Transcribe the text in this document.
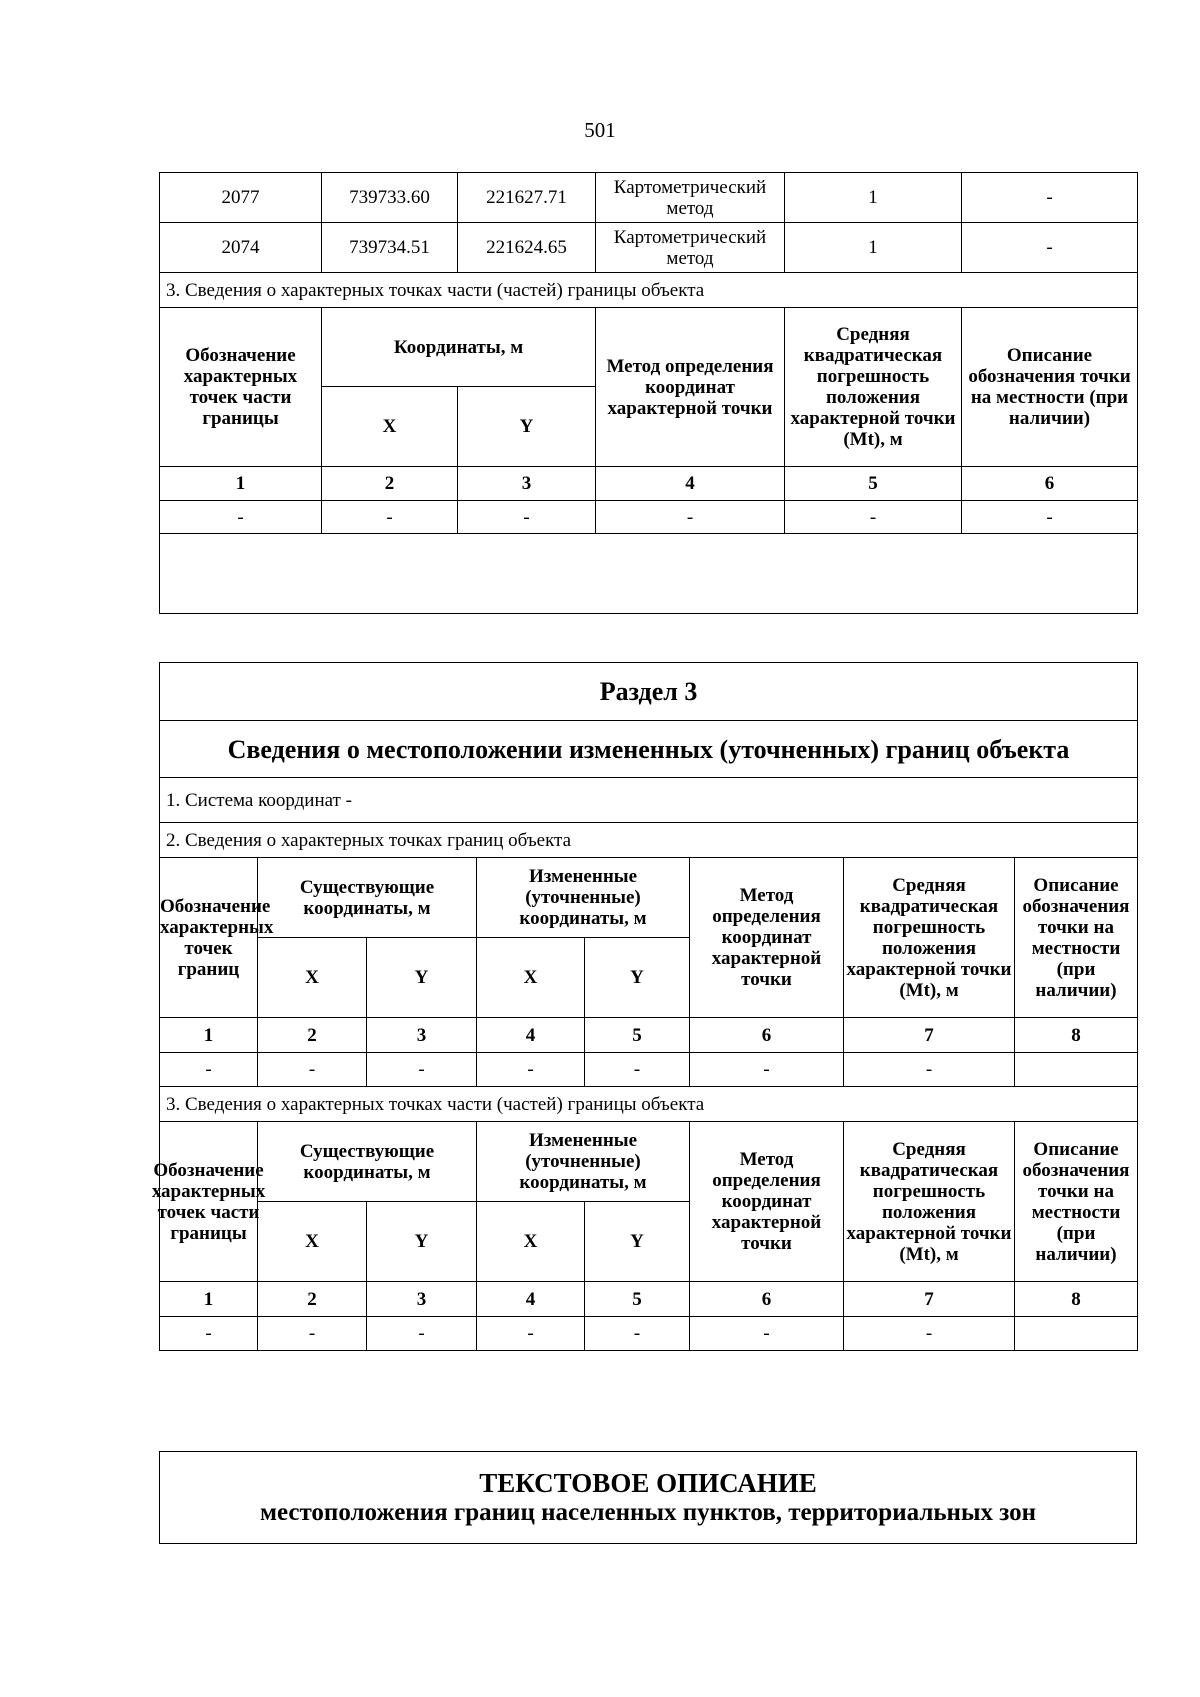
501
2077	739733.60	221627.71	Картометрический метод	1	-
2074	739734.51	221624.65	Картометрический метод	1	-
3. Сведения о характерных точках части (частей) границы объекта					
Обозначение характерных точек части границы	Координаты, м		Метод определения координат характерной точки	Средняя квадратическая погрешность положения характерной точки (Mt), м	Описание обозначения точки на местности (при наличии)
	X	Y			
1	2	3	4	5	6
-	-	-	-	-	-

Раздел 3							
Сведения о местоположении измененных (уточненных) границ объекта							
1. Система координат -							
2. Сведения о характерных точках границ объекта							
Обозначение характерных точек границ	Существующие координаты, м		Измененные (уточненные) координаты, м		Метод определения координат характерной точки	Средняя квадратическая погрешность положения характерной точки (Mt), м	Описание обозначения точки на местности (при наличии)
	X	Y	X	Y			
1	2	3	4	5	6	7	8
-	-	-	-	-	-	-	
3. Сведения о характерных точках части (частей) границы объекта							

Обозначение характерных точек части границы	Существующие координаты, м		Измененные (уточненные) координаты, м		Метод определения координат характерной точки	Средняя квадратическая погрешность положения характерной точки (Mt), м	Описание обозначения точки на местности (при наличии)
	X	Y	X	Y			
1	2	3	4	5	6	7	8
-	-	-	-	-	-	-	
ТЕКСТОВОЕ ОПИСАНИЕ
местоположения границ населенных пунктов, территориальных зон
